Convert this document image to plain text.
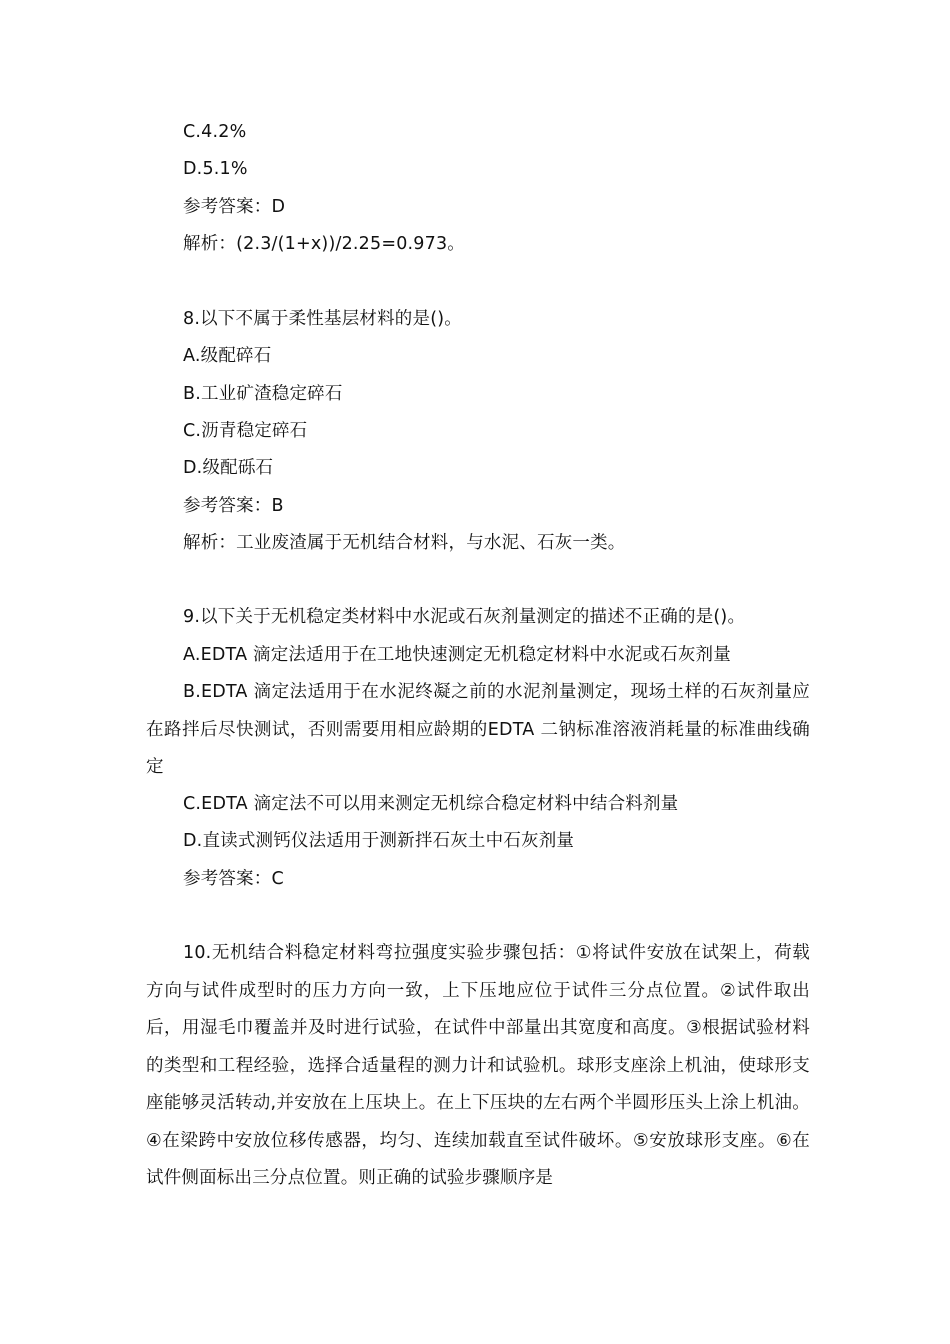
C.4.2%
D.5.1%
参考答案：D
解析：(2.3/(1+x))/2.25=0.973。
8.以下不属于柔性基层材料的是()。
A.级配碎石
B.工业矿渣稳定碎石
C.沥青稳定碎石
D.级配砾石
参考答案：B
解析：工业废渣属于无机结合材料，与水泥、石灰一类。
9.以下关于无机稳定类材料中水泥或石灰剂量测定的描述不正确的是()。
A.EDTA 滴定法适用于在工地快速测定无机稳定材料中水泥或石灰剂量
B.EDTA 滴定法适用于在水泥终凝之前的水泥剂量测定，现场土样的石灰剂量应在路拌后尽快测试，否则需要用相应龄期的EDTA 二钠标准溶液消耗量的标准曲线确定
C.EDTA 滴定法不可以用来测定无机综合稳定材料中结合料剂量
D.直读式测钙仪法适用于测新拌石灰土中石灰剂量
参考答案：C
10.无机结合料稳定材料弯拉强度实验步骤包括：①将试件安放在试架上，荷载方向与试件成型时的压力方向一致，上下压地应位于试件三分点位置。②试件取出后，用湿毛巾覆盖并及时进行试验，在试件中部量出其宽度和高度。③根据试验材料的类型和工程经验，选择合适量程的测力计和试验机。球形支座涂上机油，使球形支座能够灵活转动,并安放在上压块上。在上下压块的左右两个半圆形压头上涂上机油。④在梁跨中安放位移传感器，均匀、连续加载直至试件破坏。⑤安放球形支座。⑥在试件侧面标出三分点位置。则正确的试验步骤顺序是
